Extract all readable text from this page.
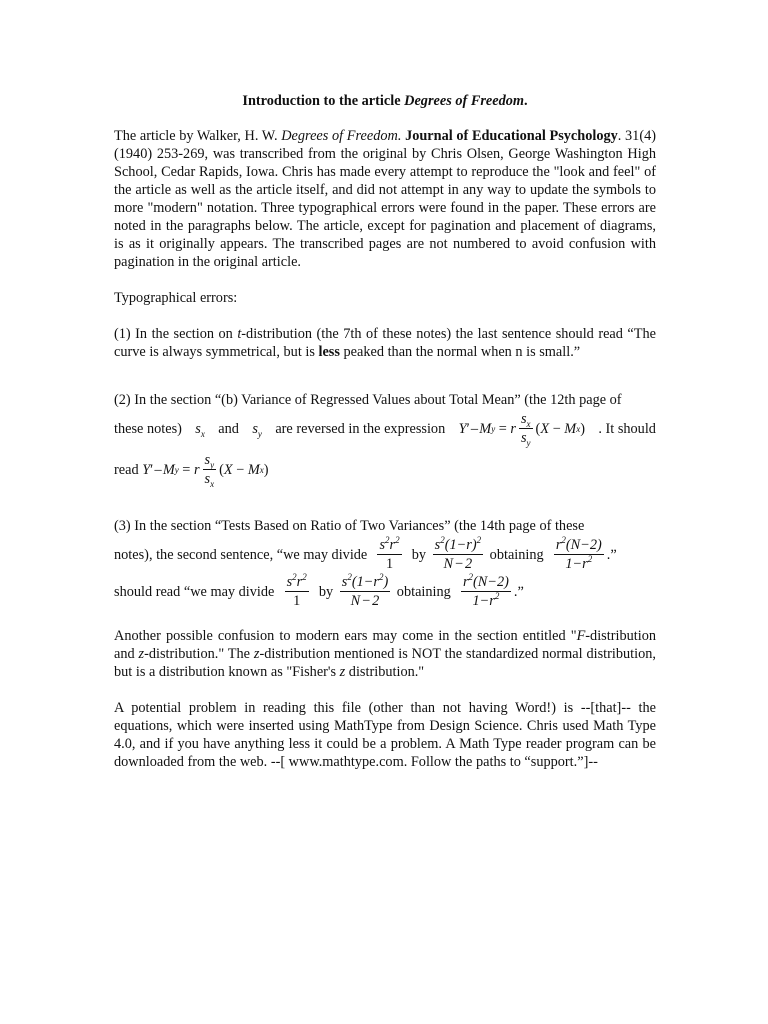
Introduction to the article Degrees of Freedom.

The article by Walker, H. W. Degrees of Freedom. Journal of Educational Psychology. 31(4) (1940) 253-269, was transcribed from the original by Chris Olsen, George Washington High School, Cedar Rapids, Iowa. Chris has made every attempt to reproduce the "look and feel" of the article as well as the article itself, and did not attempt in any way to update the symbols to more "modern" notation. Three typographical errors were found in the paper. These errors are noted in the paragraphs below. The article, except for pagination and placement of diagrams, is as it originally appears. The transcribed pages are not numbered to avoid confusion with pagination in the original article.

Typographical errors:

(1) In the section on t-distribution (the 7th of these notes) the last sentence should read “The curve is always symmetrical, but is less peaked than the normal when n is small.”

(2) In the section “(b) Variance of Regressed Values about Total Mean” (the 12th page of

these notes) $s_x$ and $s_y$ are reversed in the expression Y ′ –  M y = r $\frac{s_x}{s_y}$ ( X − M x ) . It should
read
Y ′ –  M y = r $\frac{s_y}{s_x}$ ( X − M x )

(3) In the section “Tests Based on Ratio of Two Variances” (the 14th page of these

notes), the second sentence, “we may divide
$\frac{s^2r^2}{1}$
by
$\frac{s^2(1-r)^2}{N - 2}$
obtaining
$\frac{r^2(N-2)}{1-r^2}$ .”
should read “we may divide
$\frac{s^2r^2}{1}$
by
$\frac{s^2(1-r^2)}{N - 2}$
obtaining
$\frac{r^2(N-2)}{1-r^2}$ .”

Another possible confusion to modern ears may come in the section entitled "F-distribution and z-distribution." The z-distribution mentioned is NOT the standardized normal distribution, but is a distribution known as "Fisher's z distribution."

A potential problem in reading this file (other than not having Word!) is --[that]-- the equations, which were inserted using MathType from Design Science. Chris used Math Type 4.0, and if you have anything less it could be a problem. A Math Type reader program can be downloaded from the web. --[ www.mathtype.com. Follow the paths to “support.”]--
